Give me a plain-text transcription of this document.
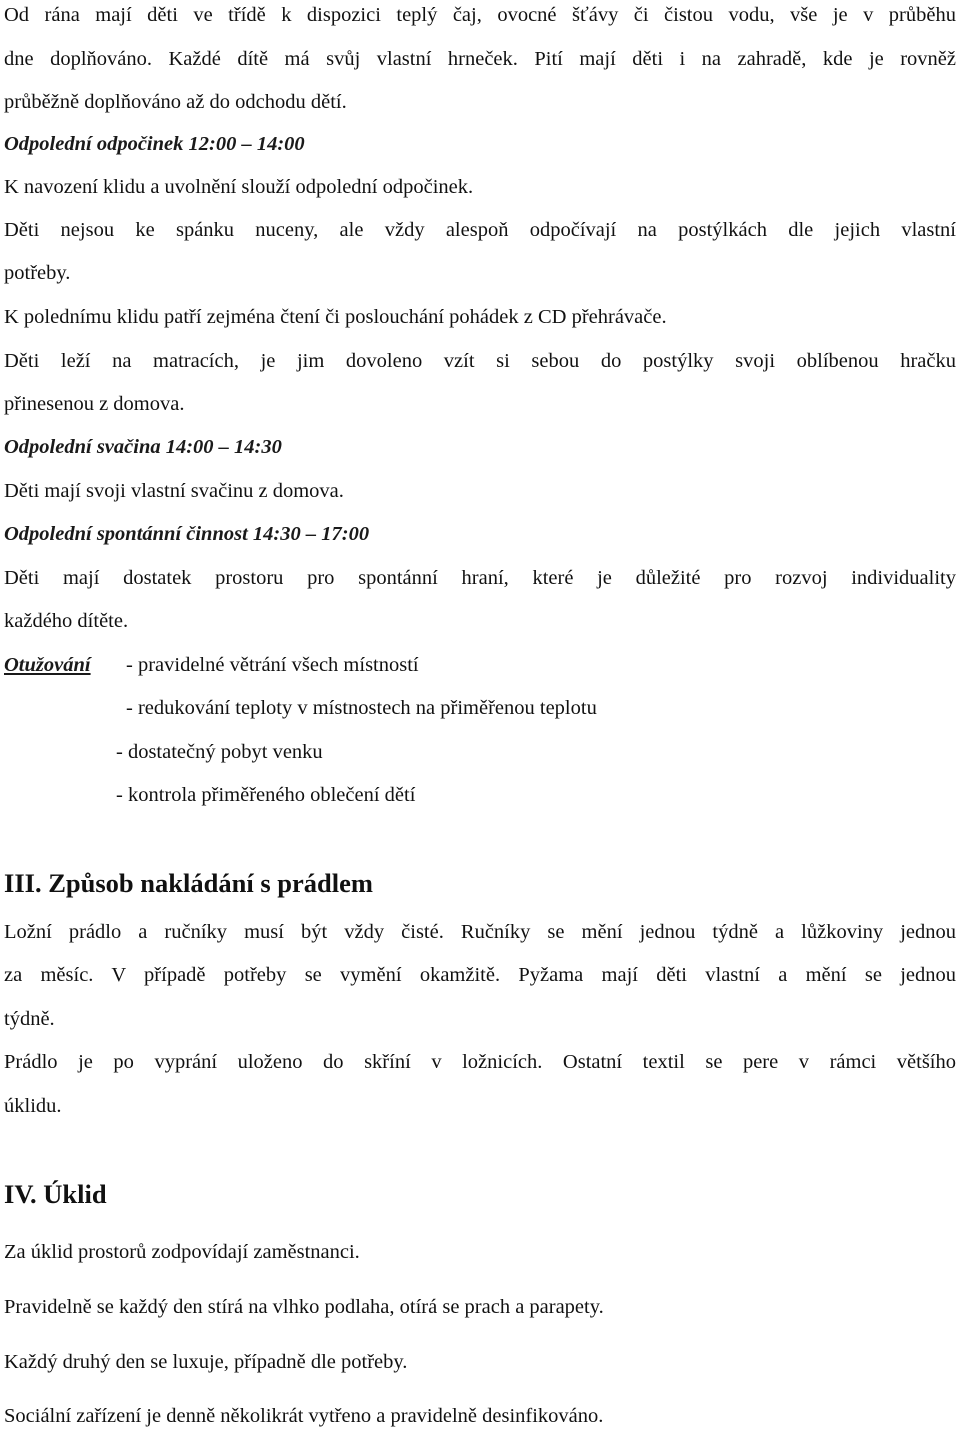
Od rána mají děti ve třídě k dispozici teplý čaj, ovocné šťávy či čistou vodu, vše je v průběhu
dne doplňováno. Každé dítě má svůj vlastní hrneček. Pití mají děti i na zahradě, kde je rovněž
průběžně doplňováno až do odchodu dětí.
Odpolední odpočinek 12:00 – 14:00
K navození klidu a uvolnění slouží odpolední odpočinek.
Děti nejsou ke spánku nuceny, ale vždy alespoň odpočívají na postýlkách dle jejich vlastní
potřeby.
K polednímu klidu patří zejména čtení či poslouchání pohádek z CD přehrávače.
Děti leží na matracích, je jim dovoleno vzít si sebou do postýlky svoji oblíbenou hračku
přinesenou z domova.
Odpolední svačina 14:00 – 14:30
Děti mají svoji vlastní svačinu z domova.
Odpolední spontánní činnost 14:30 – 17:00
Děti mají dostatek prostoru pro spontánní hraní, které je důležité pro rozvoj individuality
každého dítěte.
Otužování - pravidelné větrání všech místností
- redukování teploty v místnostech na přiměřenou teplotu
- dostatečný pobyt venku
- kontrola přiměřeného oblečení dětí
III. Způsob nakládání s prádlem
Ložní prádlo a ručníky musí být vždy čisté. Ručníky se mění jednou týdně a lůžkoviny jednou
za měsíc. V případě potřeby se vymění okamžitě. Pyžama mají děti vlastní a mění se jednou
týdně.
Prádlo je po vyprání uloženo do skříní v ložnicích. Ostatní textil se pere v rámci většího
úklidu.
IV. Úklid
Za úklid prostorů zodpovídají zaměstnanci.
Pravidelně se každý den stírá na vlhko podlaha, otírá se prach a parapety.
Každý druhý den se luxuje, případně dle potřeby.
Sociální zařízení je denně několikrát vytřeno a pravidelně desinfikováno.
